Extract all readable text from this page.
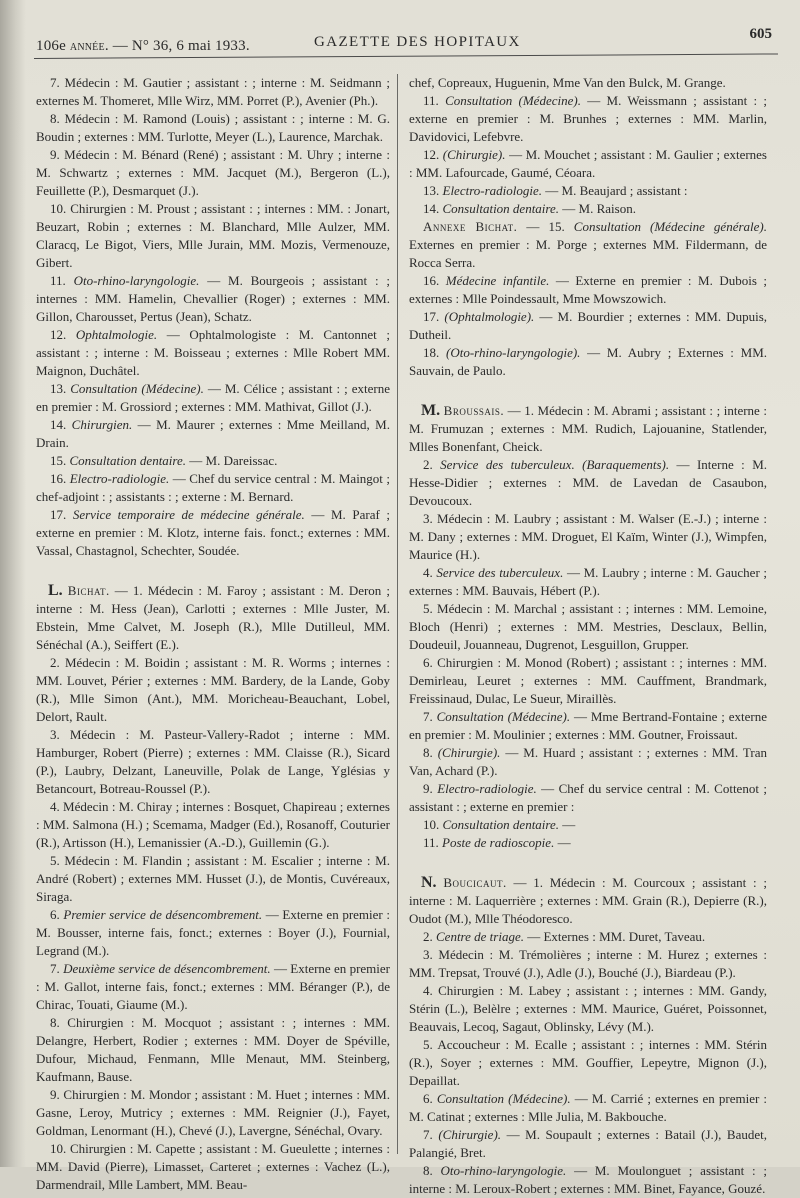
106e ANNÉE. — N° 36, 6 mai 1933.	GAZETTE DES HOPITAUX	605

7. Médecin : M. Gautier ; assistant : ; interne : M. Seidmann ; externes M. Thomeret, Mlle Wirz, MM. Porret (P.), Avenier (Ph.).

8. Médecin : M. Ramond (Louis) ; assistant : ; interne : M. G. Boudin ; externes : MM. Turlotte, Meyer (L.), Laurence, Marchak.

9. Médecin : M. Bénard (René) ; assistant : M. Uhry ; interne : M. Schwartz ; externes : MM. Jacquet (M.), Bergeron (L.), Feuillette (P.), Desmarquet (J.).

10. Chirurgien : M. Proust ; assistant : ; internes : MM. : Jonart, Beuzart, Robin ; externes : M. Blanchard, Mlle Aulzer, MM. Claracq, Le Bigot, Viers, Mlle Jurain, MM. Mozis, Vermenouze, Gibert.

11. Oto-rhino-laryngologie. — M. Bourgeois ; assistant : ; internes : MM. Hamelin, Chevallier (Roger) ; externes : MM. Gillon, Charousset, Pertus (Jean), Schatz.

12. Ophtalmologie. — Ophtalmologiste : M. Cantonnet ; assistant : ; interne : M. Boisseau ; externes : Mlle Robert MM. Maignon, Duchâtel.

13. Consultation (Médecine). — M. Célice ; assistant : ; externe en premier : M. Grossiord ; externes : MM. Mathivat, Gillot (J.).

14. Chirurgien. — M. Maurer ; externes : Mme Meilland, M. Drain.

15. Consultation dentaire. — M. Dareissac.

16. Electro-radiologie. — Chef du service central : M. Maingot ; chef-adjoint : ; assistants : ; externe : M. Bernard.

17. Service temporaire de médecine générale. — M. Paraf ; externe en premier : M. Klotz, interne fais. fonct.; externes : MM. Vassal, Chastagnol, Schechter, Soudée.

L. Bichat. — 1. Médecin : M. Faroy ; assistant : M. Deron ; interne : M. Hess (Jean), Carlotti ; externes : Mlle Juster, M. Ebstein, Mme Calvet, M. Joseph (R.), Mlle Dutilleul, MM. Sénéchal (A.), Seiffert (E.).

2. Médecin : M. Boidin ; assistant : M. R. Worms ; internes : MM. Louvet, Périer ; externes : MM. Bardery, de la Lande, Goby (R.), Mlle Simon (Ant.), MM. Moricheau-Beauchant, Lobel, Delort, Rault.

3. Médecin : M. Pasteur-Vallery-Radot ; interne : MM. Hamburger, Robert (Pierre) ; externes : MM. Claisse (R.), Sicard (P.), Laubry, Delzant, Laneuville, Polak de Lange, Yglésias y Betancourt, Botreau-Roussel (P.).

4. Médecin : M. Chiray ; internes : Bosquet, Chapireau ; externes : MM. Salmona (H.) ; Scemama, Madger (Ed.), Rosanoff, Couturier (R.), Artisson (H.), Lemanissier (A.-D.), Guillemin (G.).

5. Médecin : M. Flandin ; assistant : M. Escalier ; interne : M. André (Robert) ; externes MM. Husset (J.), de Montis, Cuvéreaux, Siraga.

6. Premier service de désencombrement. — Externe en premier : M. Bousser, interne fais, fonct.; externes : Boyer (J.), Fournial, Legrand (M.).

7. Deuxième service de désencombrement. — Externe en premier : M. Gallot, interne fais, fonct.; externes : MM. Béranger (P.), de Chirac, Touati, Giaume (M.).

8. Chirurgien : M. Mocquot ; assistant : ; internes : MM. Delangre, Herbert, Rodier ; externes : MM. Doyer de Spéville, Dufour, Michaud, Fenmann, Mlle Menaut, MM. Steinberg, Kaufmann, Bause.

9. Chirurgien : M. Mondor ; assistant : M. Huet ; internes : MM. Gasne, Leroy, Mutricy ; externes : MM. Reignier (J.), Fayet, Goldman, Lenormant (H.), Chevé (J.), Lavergne, Sénéchal, Ovary.

10. Chirurgien : M. Capette ; assistant : M. Gueulette ; internes : MM. David (Pierre), Limasset, Carteret ; externes : Vachez (L.), Darmendrail, Mlle Lambert, MM. Beau-

chef, Copreaux, Huguenin, Mme Van den Bulck, M. Grange.

11. Consultation (Médecine). — M. Weissmann ; assistant : ; externe en premier : M. Brunhes ; externes : MM. Marlin, Davidovici, Lefebvre.

12. (Chirurgie). — M. Mouchet ; assistant : M. Gaulier ; externes : MM. Lafourcade, Gaumé, Céoara.

13. Electro-radiologie. — M. Beaujard ; assistant :

14. Consultation dentaire. — M. Raison.

Annexe Bichat. — 15. Consultation (Médecine générale). Externes en premier : M. Porge ; externes MM. Fildermann, de Rocca Serra.

16. Médecine infantile. — Externe en premier : M. Dubois ; externes : Mlle Poindessault, Mme Mowszowich.

17. (Ophtalmologie). — M. Bourdier ; externes : MM. Dupuis, Dutheil.

18. (Oto-rhino-laryngologie). — M. Aubry ; Externes : MM. Sauvain, de Paulo.

M. Broussais. — 1. Médecin : M. Abrami ; assistant : ; interne : M. Frumuzan ; externes : MM. Rudich, Lajouanine, Statlender, Mlles Bonenfant, Cheick.

2. Service des tuberculeux. (Baraquements). — Interne : M. Hesse-Didier ; externes : MM. de Lavedan de Casaubon, Devoucoux.

3. Médecin : M. Laubry ; assistant : M. Walser (E.-J.) ; interne : M. Dany ; externes : MM. Droguet, El Kaïm, Winter (J.), Wimpfen, Maurice (H.).

4. Service des tuberculeux. — M. Laubry ; interne : M. Gaucher ; externes : MM. Bauvais, Hébert (P.).

5. Médecin : M. Marchal ; assistant : ; internes : MM. Lemoine, Bloch (Henri) ; externes : MM. Mestries, Desclaux, Bellin, Doudeuil, Jouanneau, Dugrenot, Lesguillon, Grupper.

6. Chirurgien : M. Monod (Robert) ; assistant : ; internes : MM. Demirleau, Leuret ; externes : MM. Cauffment, Brandmark, Freissinaud, Dulac, Le Sueur, Miraillès.

7. Consultation (Médecine). — Mme Bertrand-Fontaine ; externe en premier : M. Moulinier ; externes : MM. Goutner, Froissaut.

8. (Chirurgie). — M. Huard ; assistant : ; externes : MM. Tran Van, Achard (P.).

9. Electro-radiologie. — Chef du service central : M. Cottenot ; assistant : ; externe en premier :

10. Consultation dentaire. —

11. Poste de radioscopie. —

N. Boucicaut. — 1. Médecin : M. Courcoux ; assistant : ; interne : M. Laquerrière ; externes : MM. Grain (R.), Depierre (R.), Oudot (M.), Mlle Théodoresco.

2. Centre de triage. — Externes : MM. Duret, Taveau.

3. Médecin : M. Trémolières ; interne : M. Hurez ; externes : MM. Trepsat, Trouvé (J.), Adle (J.), Bouché (J.), Biardeau (P.).

4. Chirurgien : M. Labey ; assistant : ; internes : MM. Gandy, Stérin (L.), Belèlre ; externes : MM. Maurice, Guéret, Poissonnet, Beauvais, Lecoq, Sagaut, Oblinsky, Lévy (M.).

5. Accoucheur : M. Ecalle ; assistant : ; internes : MM. Stérin (R.), Soyer ; externes : MM. Gouffier, Lepeytre, Mignon (J.), Depaillat.

6. Consultation (Médecine). — M. Carrié ; externes en premier : M. Catinat ; externes : Mlle Julia, M. Bakbouche.

7. (Chirurgie). — M. Soupault ; externes : Batail (J.), Baudet, Palangié, Bret.

8. Oto-rhino-laryngologie. — M. Moulonguet ; assistant : ; interne : M. Leroux-Robert ; externes : MM. Binet, Fayance, Gouzé.
